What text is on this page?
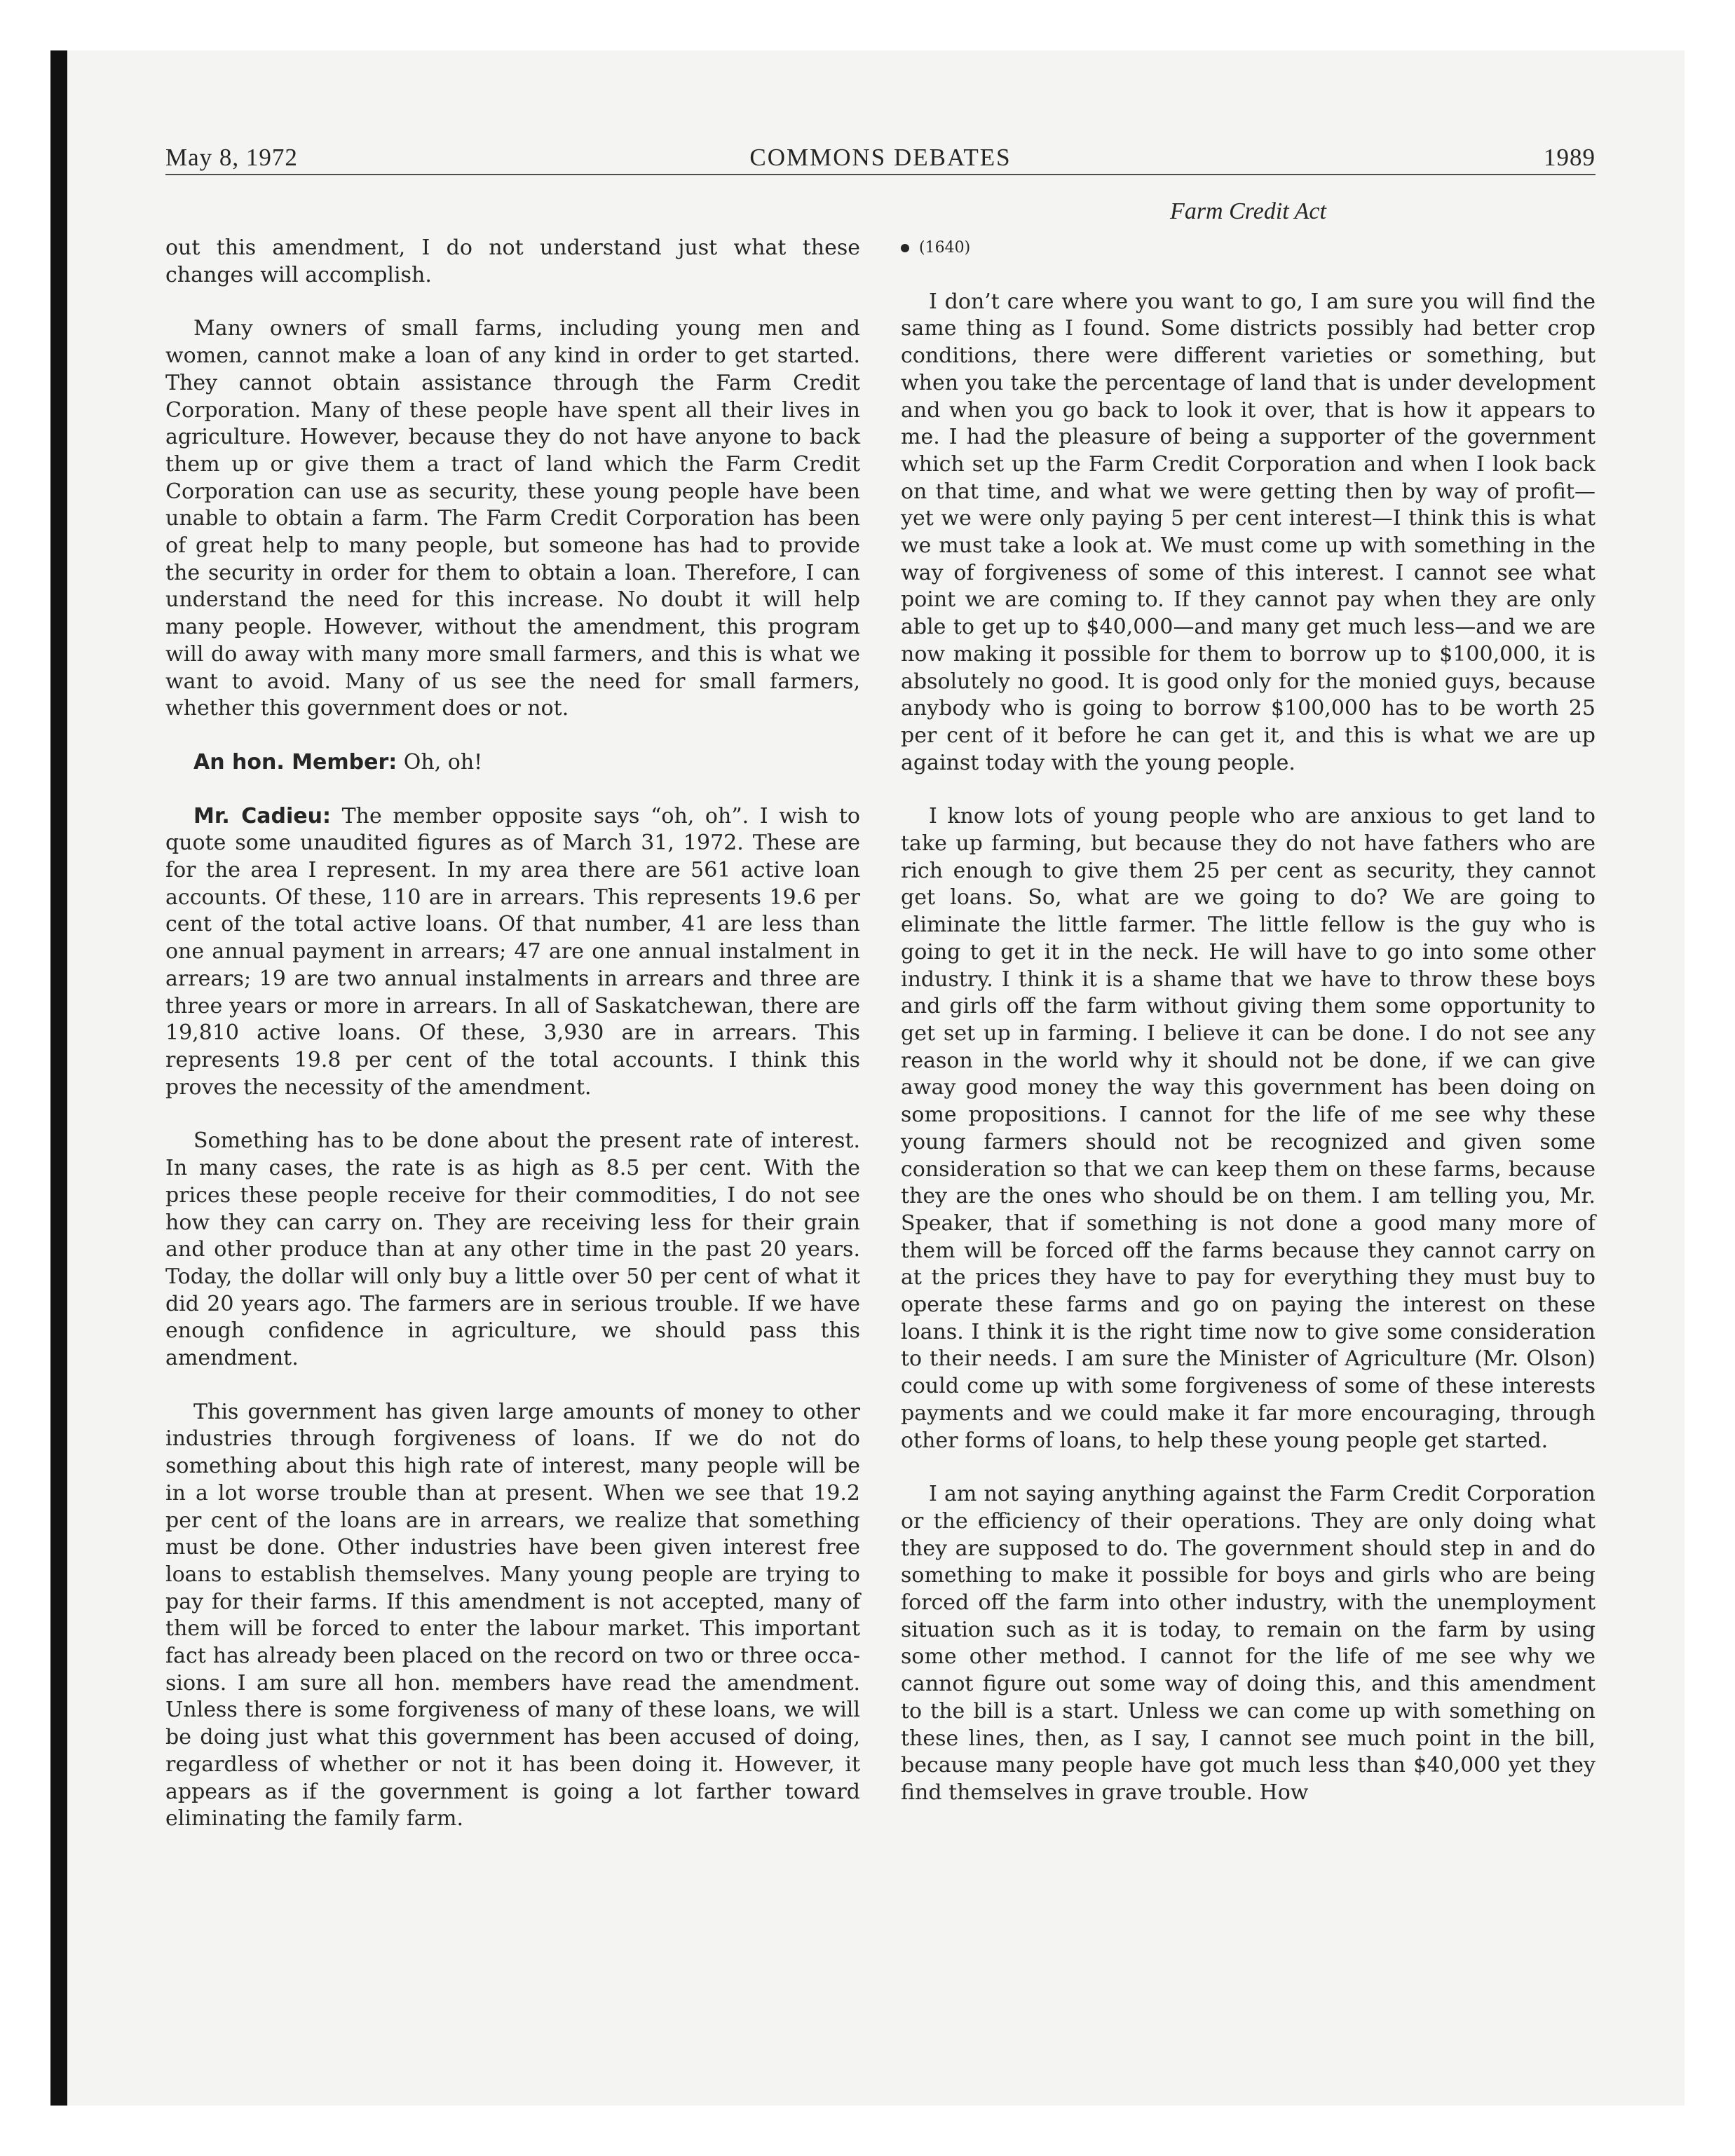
COMMONS DEBATES
May 8, 1972	1989
Farm Credit Act

out this amendment, I do not understand just what these changes will accomplish.

Many owners of small farms, including young men and women, cannot make a loan of any kind in order to get started. They cannot obtain assistance through the Farm Credit Corporation. Many of these people have spent all their lives in agriculture. However, because they do not have anyone to back them up or give them a tract of land which the Farm Credit Corporation can use as security, these young people have been unable to obtain a farm. The Farm Credit Corporation has been of great help to many people, but someone has had to provide the security in order for them to obtain a loan. Therefore, I can understand the need for this increase. No doubt it will help many people. However, without the amendment, this program will do away with many more small farmers, and this is what we want to avoid. Many of us see the need for small farmers, whether this government does or not.

An hon. Member: Oh, oh!

Mr. Cadieu: The member opposite says “oh, oh”. I wish to quote some unaudited figures as of March 31, 1972. These are for the area I represent. In my area there are 561 active loan accounts. Of these, 110 are in arrears. This represents 19.6 per cent of the total active loans. Of that number, 41 are less than one annual payment in arrears; 47 are one annual instalment in arrears; 19 are two annual instalments in arrears and three are three years or more in arrears. In all of Saskatchewan, there are 19,810 active loans. Of these, 3,930 are in arrears. This represents 19.8 per cent of the total accounts. I think this proves the necessity of the amendment.

Something has to be done about the present rate of interest. In many cases, the rate is as high as 8.5 per cent. With the prices these people receive for their commodities, I do not see how they can carry on. They are receiving less for their grain and other produce than at any other time in the past 20 years. Today, the dollar will only buy a little over 50 per cent of what it did 20 years ago. The farmers are in serious trouble. If we have enough confidence in agriculture, we should pass this amendment.

This government has given large amounts of money to other industries through forgiveness of loans. If we do not do something about this high rate of interest, many people will be in a lot worse trouble than at present. When we see that 19.2 per cent of the loans are in arrears, we realize that something must be done. Other industries have been given interest free loans to establish themselves. Many young people are trying to pay for their farms. If this amendment is not accepted, many of them will be forced to enter the labour market. This important fact has already been placed on the record on two or three occasions. I am sure all hon. members have read the amendment. Unless there is some forgiveness of many of these loans, we will be doing just what this government has been accused of doing, regardless of whether or not it has been doing it. However, it appears as if the government is going a lot farther toward eliminating the family farm.

(1640)

I don’t care where you want to go, I am sure you will find the same thing as I found. Some districts possibly had better crop conditions, there were different varieties or something, but when you take the percentage of land that is under development and when you go back to look it over, that is how it appears to me. I had the pleasure of being a supporter of the government which set up the Farm Credit Corporation and when I look back on that time, and what we were getting then by way of profit—yet we were only paying 5 per cent interest—I think this is what we must take a look at. We must come up with something in the way of forgiveness of some of this interest. I cannot see what point we are coming to. If they cannot pay when they are only able to get up to $40,000—and many get much less—and we are now making it possible for them to borrow up to $100,000, it is absolutely no good. It is good only for the monied guys, because anybody who is going to borrow $100,000 has to be worth 25 per cent of it before he can get it, and this is what we are up against today with the young people.

I know lots of young people who are anxious to get land to take up farming, but because they do not have fathers who are rich enough to give them 25 per cent as security, they cannot get loans. So, what are we going to do? We are going to eliminate the little farmer. The little fellow is the guy who is going to get it in the neck. He will have to go into some other industry. I think it is a shame that we have to throw these boys and girls off the farm without giving them some opportunity to get set up in farming. I believe it can be done. I do not see any reason in the world why it should not be done, if we can give away good money the way this government has been doing on some propositions. I cannot for the life of me see why these young farmers should not be recognized and given some consideration so that we can keep them on these farms, because they are the ones who should be on them. I am telling you, Mr. Speaker, that if something is not done a good many more of them will be forced off the farms because they cannot carry on at the prices they have to pay for everything they must buy to operate these farms and go on paying the interest on these loans. I think it is the right time now to give some consideration to their needs. I am sure the Minister of Agriculture (Mr. Olson) could come up with some forgiveness of some of these interests payments and we could make it far more encouraging, through other forms of loans, to help these young people get started.

I am not saying anything against the Farm Credit Corporation or the efficiency of their operations. They are only doing what they are supposed to do. The government should step in and do something to make it possible for boys and girls who are being forced off the farm into other industry, with the unemployment situation such as it is today, to remain on the farm by using some other method. I cannot for the life of me see why we cannot figure out some way of doing this, and this amendment to the bill is a start. Unless we can come up with something on these lines, then, as I say, I cannot see much point in the bill, because many people have got much less than $40,000 yet they find themselves in grave trouble. How
